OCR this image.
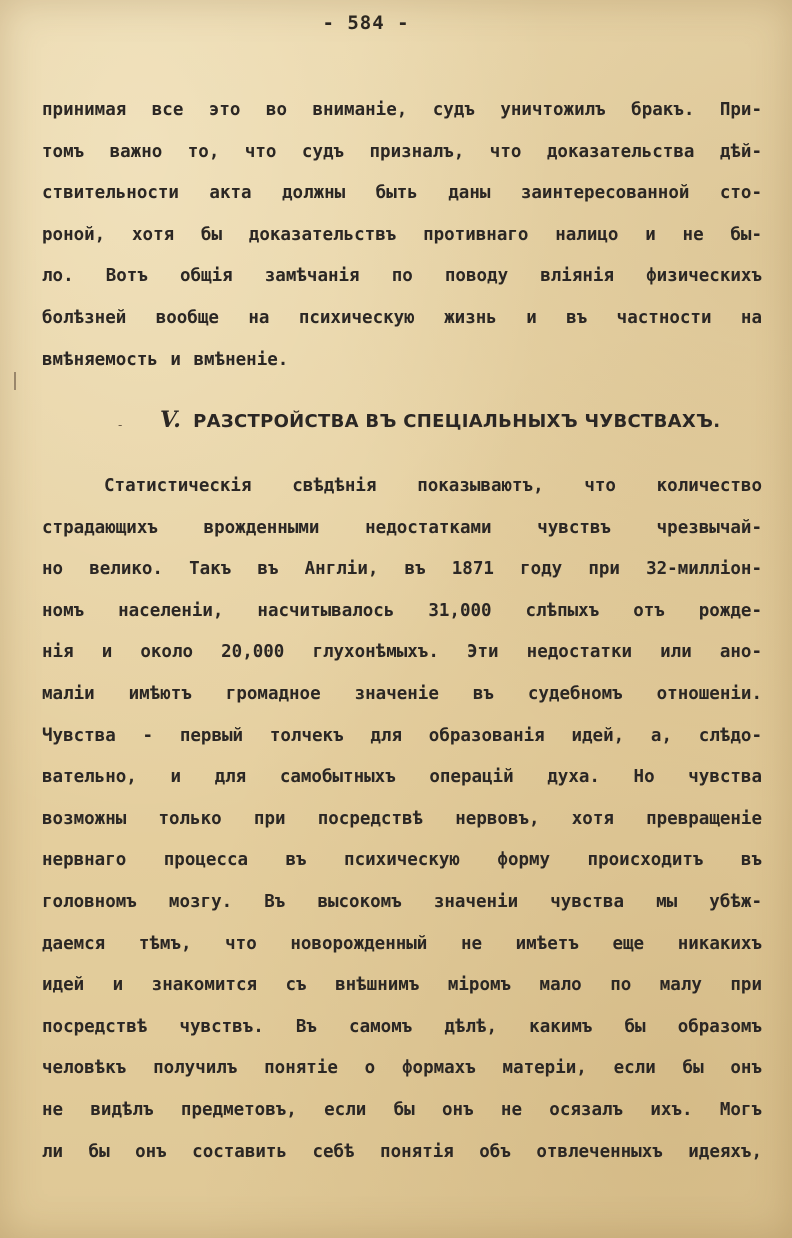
- 584 -
-
принимая все это во вниманіе, судъ уничтожилъ бракъ. При-
томъ важно то, что судъ призналъ, что доказательства дѣй-
ствительности акта должны быть даны заинтересованной сто-
роной, хотя бы доказательствъ противнаго налицо и не бы-
ло. Вотъ общія замѣчанія по поводу вліянія физическихъ
болѣзней вообще на психическую жизнь и въ частности на
вмѣняемость и вмѣненіе.
V. РАЗСТРОЙСТВА ВЪ СПЕЦІАЛЬНЫХЪ ЧУВСТВАХЪ.
Статистическія свѣдѣнія показываютъ, что количество
страдающихъ врожденными недостатками чувствъ чрезвычай-
но велико. Такъ въ Англіи, въ 1871 году при 32-милліон-
номъ населеніи, насчитывалось 31,000 слѣпыхъ отъ рожде-
нія и около 20,000 глухонѣмыхъ. Эти недостатки или ано-
маліи имѣютъ громадное значеніе въ судебномъ отношеніи.
Чувства - первый толчекъ для образованія идей, а, слѣдо-
вательно, и для самобытныхъ операцій духа. Но чувства
возможны только при посредствѣ нервовъ, хотя превращеніе
нервнаго процесса въ психическую форму происходитъ въ
головномъ мозгу. Въ высокомъ значеніи чувства мы убѣж-
даемся тѣмъ, что новорожденный не имѣетъ еще никакихъ
идей и знакомится съ внѣшнимъ міромъ мало по малу при
посредствѣ чувствъ. Въ самомъ дѣлѣ, какимъ бы образомъ
человѣкъ получилъ понятіе о формахъ матеріи, если бы онъ
не видѣлъ предметовъ, если бы онъ не осязалъ ихъ. Могъ
ли бы онъ составить себѣ понятія объ отвлеченныхъ идеяхъ,
